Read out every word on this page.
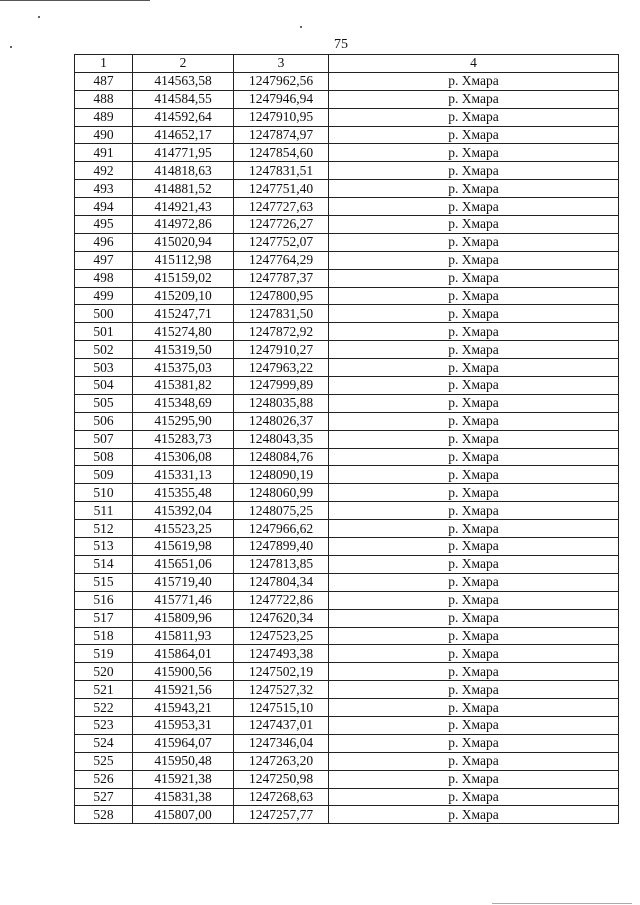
75
1	2	3	4
487	414563,58	1247962,56	р. Хмара
488	414584,55	1247946,94	р. Хмара
489	414592,64	1247910,95	р. Хмара
490	414652,17	1247874,97	р. Хмара
491	414771,95	1247854,60	р. Хмара
492	414818,63	1247831,51	р. Хмара
493	414881,52	1247751,40	р. Хмара
494	414921,43	1247727,63	р. Хмара
495	414972,86	1247726,27	р. Хмара
496	415020,94	1247752,07	р. Хмара
497	415112,98	1247764,29	р. Хмара
498	415159,02	1247787,37	р. Хмара
499	415209,10	1247800,95	р. Хмара
500	415247,71	1247831,50	р. Хмара
501	415274,80	1247872,92	р. Хмара
502	415319,50	1247910,27	р. Хмара
503	415375,03	1247963,22	р. Хмара
504	415381,82	1247999,89	р. Хмара
505	415348,69	1248035,88	р. Хмара
506	415295,90	1248026,37	р. Хмара
507	415283,73	1248043,35	р. Хмара
508	415306,08	1248084,76	р. Хмара
509	415331,13	1248090,19	р. Хмара
510	415355,48	1248060,99	р. Хмара
511	415392,04	1248075,25	р. Хмара
512	415523,25	1247966,62	р. Хмара
513	415619,98	1247899,40	р. Хмара
514	415651,06	1247813,85	р. Хмара
515	415719,40	1247804,34	р. Хмара
516	415771,46	1247722,86	р. Хмара
517	415809,96	1247620,34	р. Хмара
518	415811,93	1247523,25	р. Хмара
519	415864,01	1247493,38	р. Хмара
520	415900,56	1247502,19	р. Хмара
521	415921,56	1247527,32	р. Хмара
522	415943,21	1247515,10	р. Хмара
523	415953,31	1247437,01	р. Хмара
524	415964,07	1247346,04	р. Хмара
525	415950,48	1247263,20	р. Хмара
526	415921,38	1247250,98	р. Хмара
527	415831,38	1247268,63	р. Хмара
528	415807,00	1247257,77	р. Хмара
